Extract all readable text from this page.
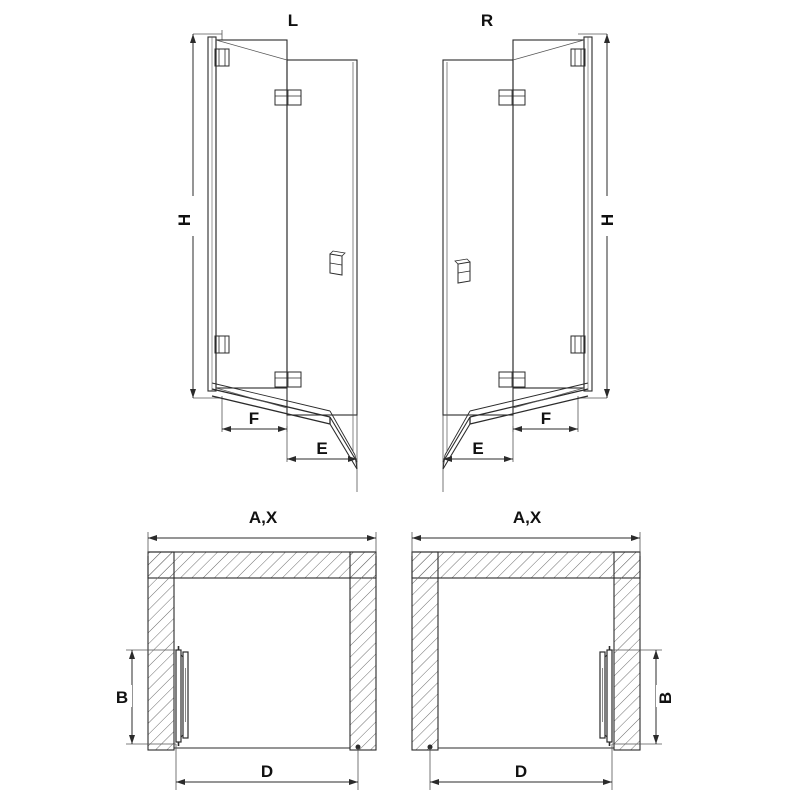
H
F
E
L
H
F
E
R
A,X
B
D
A,X
B
D
